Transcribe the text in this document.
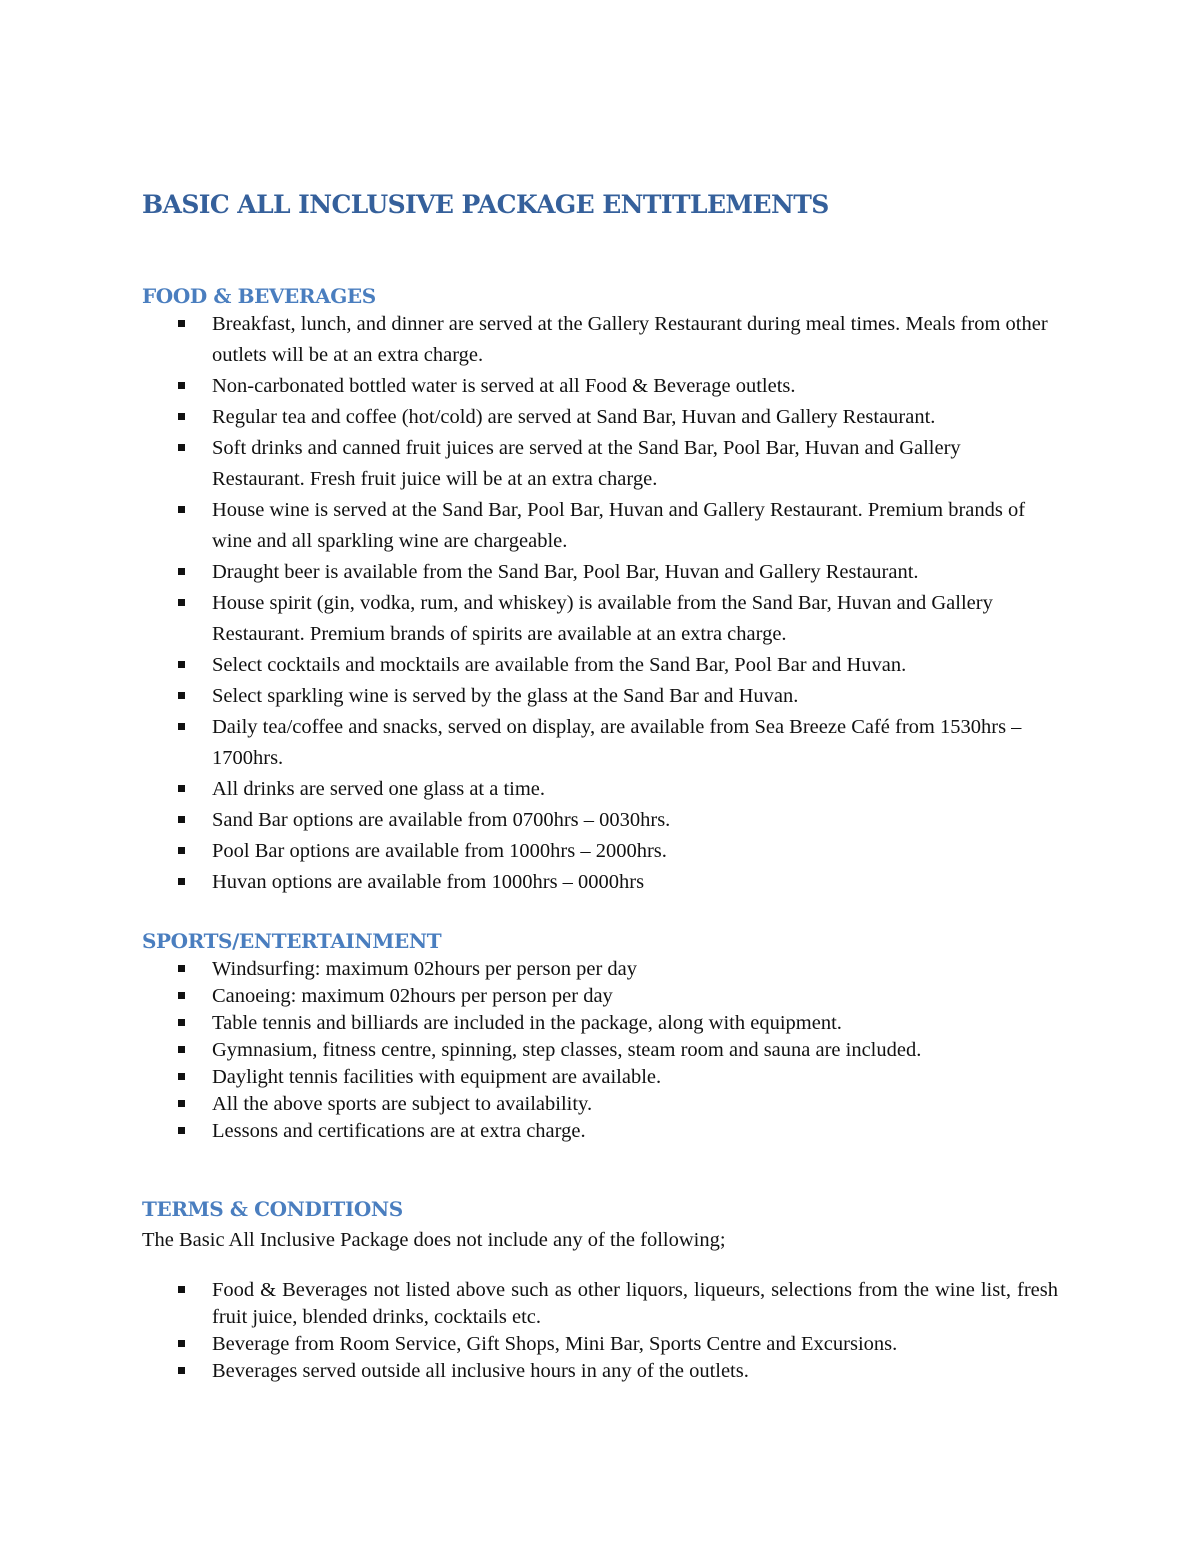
BASIC ALL INCLUSIVE PACKAGE ENTITLEMENTS
FOOD & BEVERAGES
Breakfast, lunch, and dinner are served at the Gallery Restaurant during meal times. Meals from other outlets will be at an extra charge.
Non-carbonated bottled water is served at all Food & Beverage outlets.
Regular tea and coffee (hot/cold) are served at Sand Bar, Huvan and Gallery Restaurant.
Soft drinks and canned fruit juices are served at the Sand Bar, Pool Bar, Huvan and Gallery Restaurant. Fresh fruit juice will be at an extra charge.
House wine is served at the Sand Bar, Pool Bar, Huvan and Gallery Restaurant. Premium brands of wine and all sparkling wine are chargeable.
Draught beer is available from the Sand Bar, Pool Bar, Huvan and Gallery Restaurant.
House spirit (gin, vodka, rum, and whiskey) is available from the Sand Bar, Huvan and Gallery Restaurant. Premium brands of spirits are available at an extra charge.
Select cocktails and mocktails are available from the Sand Bar, Pool Bar and Huvan.
Select sparkling wine is served by the glass at the Sand Bar and Huvan.
Daily tea/coffee and snacks, served on display, are available from Sea Breeze Café from 1530hrs – 1700hrs.
All drinks are served one glass at a time.
Sand Bar options are available from 0700hrs – 0030hrs.
Pool Bar options are available from 1000hrs – 2000hrs.
Huvan options are available from 1000hrs – 0000hrs
SPORTS/ENTERTAINMENT
Windsurfing: maximum 02hours per person per day
Canoeing: maximum 02hours per person per day
Table tennis and billiards are included in the package, along with equipment.
Gymnasium, fitness centre, spinning, step classes, steam room and sauna are included.
Daylight tennis facilities with equipment are available.
All the above sports are subject to availability.
Lessons and certifications are at extra charge.
TERMS & CONDITIONS

The Basic All Inclusive Package does not include any of the following;

Food & Beverages not listed above such as other liquors, liqueurs, selections from the wine list, fresh fruit juice, blended drinks, cocktails etc.
Beverage from Room Service, Gift Shops, Mini Bar, Sports Centre and Excursions.
Beverages served outside all inclusive hours in any of the outlets.
